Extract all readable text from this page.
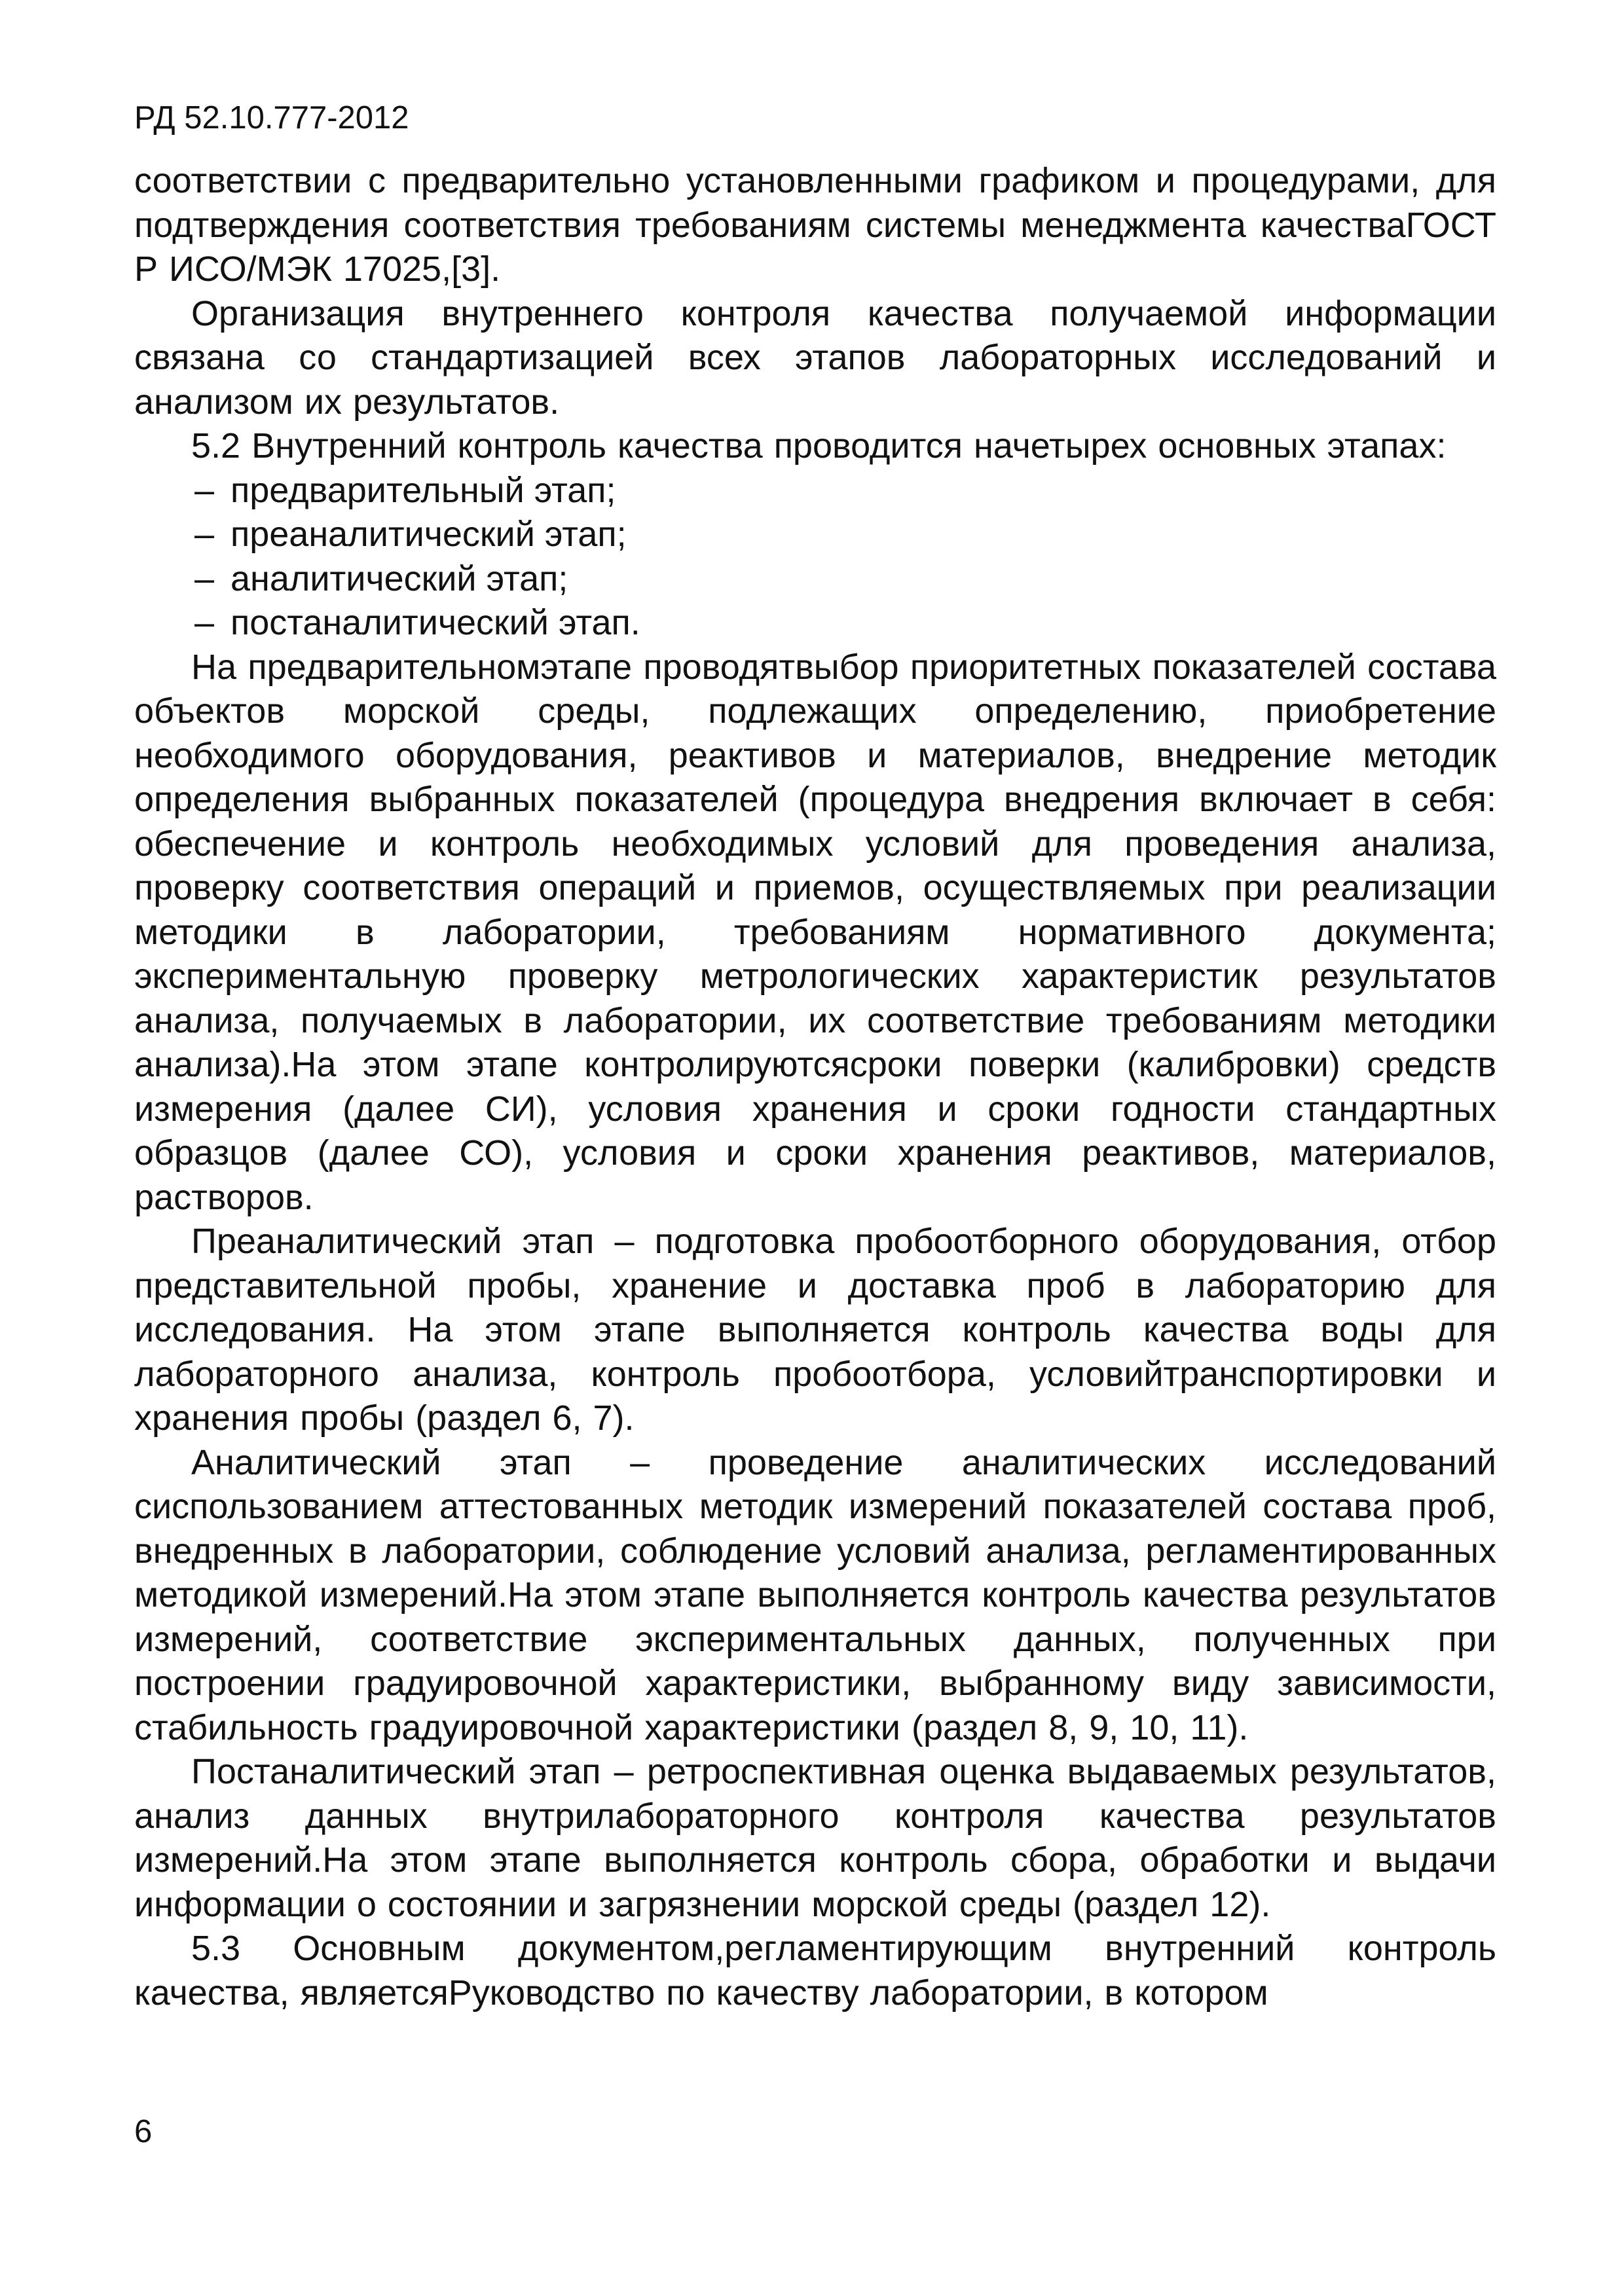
РД 52.10.777-2012

соответствии с предварительно установленными графиком и процедурами, для подтверждения соответствия требованиям системы менеджмента качестваГОСТ Р ИСО/МЭК 17025,[3].

Организация внутреннего контроля качества получаемой информации связана со стандартизацией всех этапов лабораторных исследований и анализом их результатов.

5.2 Внутренний контроль качества проводится начетырех основных этапах:

– предварительный этап;
– преаналитический этап;
– аналитический этап;
– постаналитический этап.

На предварительномэтапе проводятвыбор приоритетных показателей состава объектов морской среды, подлежащих определению, приобретение необходимого оборудования, реактивов и материалов, внедрение методик определения выбранных показателей (процедура внедрения включает в себя: обеспечение и контроль необходимых условий для проведения анализа, проверку соответствия операций и приемов, осуществляемых при реализации методики в лаборатории, требованиям нормативного документа; экспериментальную проверку метрологических характеристик результатов анализа, получаемых в лаборатории, их соответствие требованиям методики анализа).На этом этапе контролируютсясроки поверки (калибровки) средств измерения (далее СИ), условия хранения и сроки годности стандартных образцов (далее СО), условия и сроки хранения реактивов, материалов, растворов.

Преаналитический этап – подготовка пробоотборного оборудования, отбор представительной пробы, хранение и доставка проб в лабораторию для исследования. На этом этапе выполняется контроль качества воды для лабораторного анализа, контроль пробоотбора, условийтранспортировки и хранения пробы (раздел 6, 7).

Аналитический этап – проведение аналитических исследований сиспользованием аттестованных методик измерений показателей состава проб, внедренных в лаборатории, соблюдение условий анализа, регламентированных методикой измерений.На этом этапе выполняется контроль качества результатов измерений, соответствие экспериментальных данных, полученных при построении градуировочной характеристики, выбранному виду зависимости, стабильность градуировочной характеристики (раздел 8, 9, 10, 11).

Постаналитический этап – ретроспективная оценка выдаваемых результатов, анализ данных внутрилабораторного контроля качества результатов измерений.На этом этапе выполняется контроль сбора, обработки и выдачи информации о состоянии и загрязнении морской среды (раздел 12).

5.3 Основным документом,регламентирующим внутренний контроль качества, являетсяРуководство по качеству лаборатории, в котором

6
